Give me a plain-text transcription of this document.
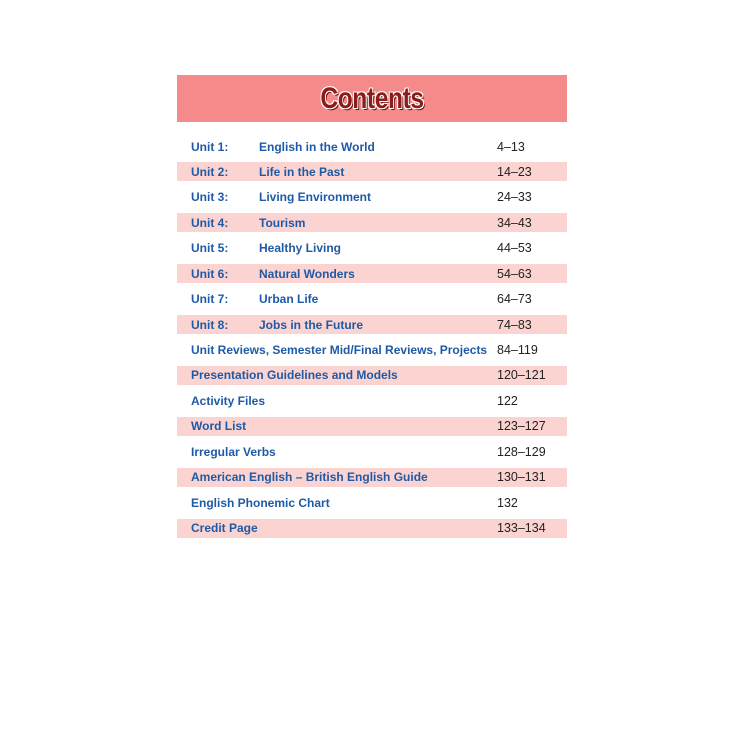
Contents
Unit 1:	English in the World	4–13
Unit 2:	Life in the Past	14–23
Unit 3:	Living Environment	24–33
Unit 4:	Tourism	34–43
Unit 5:	Healthy Living	44–53
Unit 6:	Natural Wonders	54–63
Unit 7:	Urban Life	64–73
Unit 8:	Jobs in the Future	74–83
Unit Reviews, Semester Mid/Final Reviews, Projects 84–119
Presentation Guidelines and Models	120–121
Activity Files	122
Word List	123–127
Irregular Verbs	128–129
American English – British English Guide	130–131
English Phonemic Chart	132
Credit Page	133–134
